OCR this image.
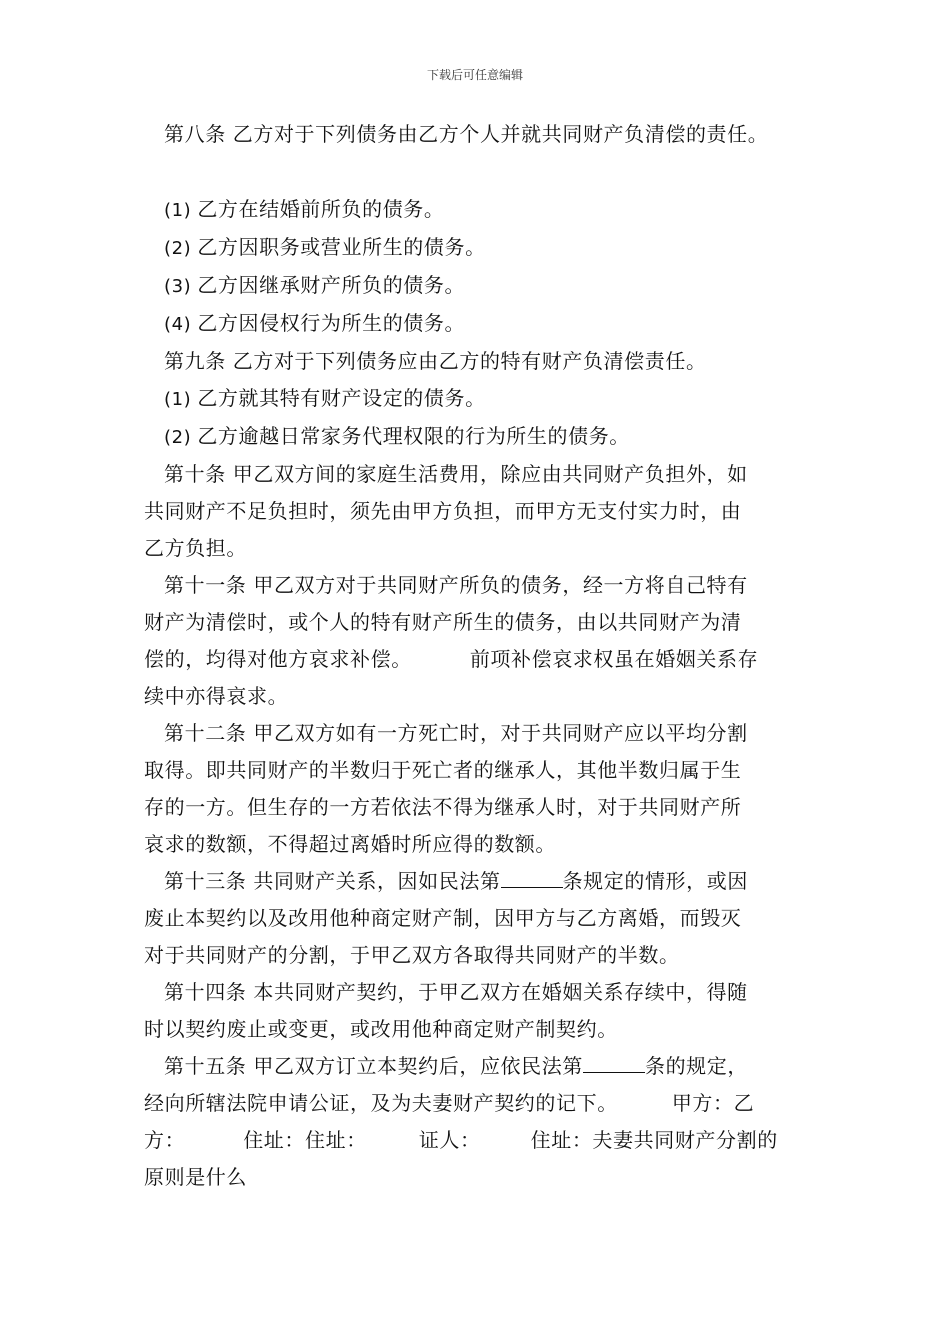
下载后可任意编辑

第八条 乙方对于下列债务由乙方个人并就共同财产负清偿的责任。

(1) 乙方在结婚前所负的债务。

(2) 乙方因职务或营业所生的债务。

(3) 乙方因继承财产所负的债务。

(4) 乙方因侵权行为所生的债务。

第九条 乙方对于下列债务应由乙方的特有财产负清偿责任。

(1) 乙方就其特有财产设定的债务。

(2) 乙方逾越日常家务代理权限的行为所生的债务。

第十条 甲乙双方间的家庭生活费用，除应由共同财产负担外，如

共同财产不足负担时，须先由甲方负担，而甲方无支付实力时，由

乙方负担。

第十一条 甲乙双方对于共同财产所负的债务，经一方将自己特有

财产为清偿时，或个人的特有财产所生的债务，由以共同财产为清

偿的，均得对他方哀求补偿。	前项补偿哀求权虽在婚姻关系存

续中亦得哀求。

第十二条 甲乙双方如有一方死亡时，对于共同财产应以平均分割

取得。即共同财产的半数归于死亡者的继承人，其他半数归属于生

存的一方。但生存的一方若依法不得为继承人时，对于共同财产所

哀求的数额，不得超过离婚时所应得的数额。

第十三条 共同财产关系，因如民法第	条规定的情形，或因

废止本契约以及改用他种商定财产制，因甲方与乙方离婚，而毁灭

对于共同财产的分割，于甲乙双方各取得共同财产的半数。

第十四条 本共同财产契约，于甲乙双方在婚姻关系存续中，得随

时以契约废止或变更，或改用他种商定财产制契约。

第十五条 甲乙双方订立本契约后，应依民法第	条的规定，

经向所辖法院申请公证，及为夫妻财产契约的记下。	甲方：乙

方：	住址：住址：	证人：	住址：夫妻共同财产分割的

原则是什么
